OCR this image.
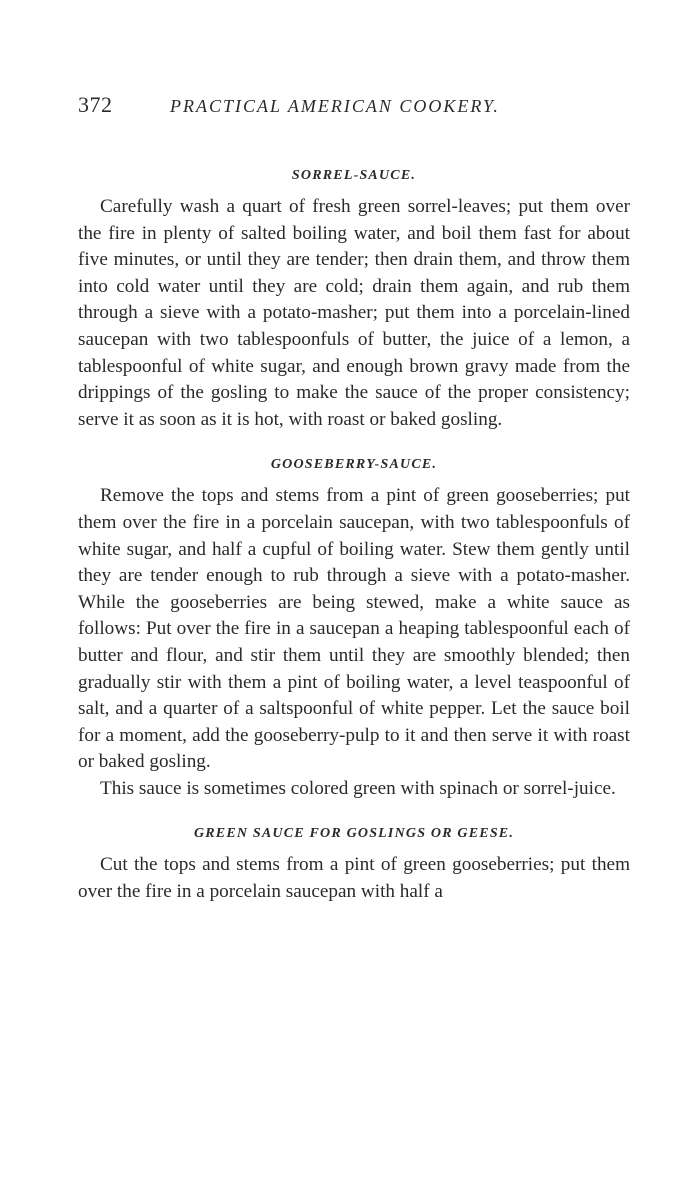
372	PRACTICAL AMERICAN COOKERY.
SORREL-SAUCE.

Carefully wash a quart of fresh green sorrel-leaves; put them over the fire in plenty of salted boiling water, and boil them fast for about five minutes, or until they are tender; then drain them, and throw them into cold water until they are cold; drain them again, and rub them through a sieve with a potato-masher; put them into a porcelain-lined saucepan with two tablespoonfuls of butter, the juice of a lemon, a tablespoonful of white sugar, and enough brown gravy made from the drippings of the gosling to make the sauce of the proper consistency; serve it as soon as it is hot, with roast or baked gosling.

GOOSEBERRY-SAUCE.

Remove the tops and stems from a pint of green gooseberries; put them over the fire in a porcelain saucepan, with two tablespoonfuls of white sugar, and half a cupful of boiling water. Stew them gently until they are tender enough to rub through a sieve with a potato-masher. While the gooseberries are being stewed, make a white sauce as follows: Put over the fire in a saucepan a heaping tablespoonful each of butter and flour, and stir them until they are smoothly blended; then gradually stir with them a pint of boiling water, a level teaspoonful of salt, and a quarter of a saltspoonful of white pepper. Let the sauce boil for a moment, add the gooseberry-pulp to it and then serve it with roast or baked gosling.

This sauce is sometimes colored green with spinach or sorrel-juice.

GREEN SAUCE FOR GOSLINGS OR GEESE.

Cut the tops and stems from a pint of green gooseberries; put them over the fire in a porcelain saucepan with half a
